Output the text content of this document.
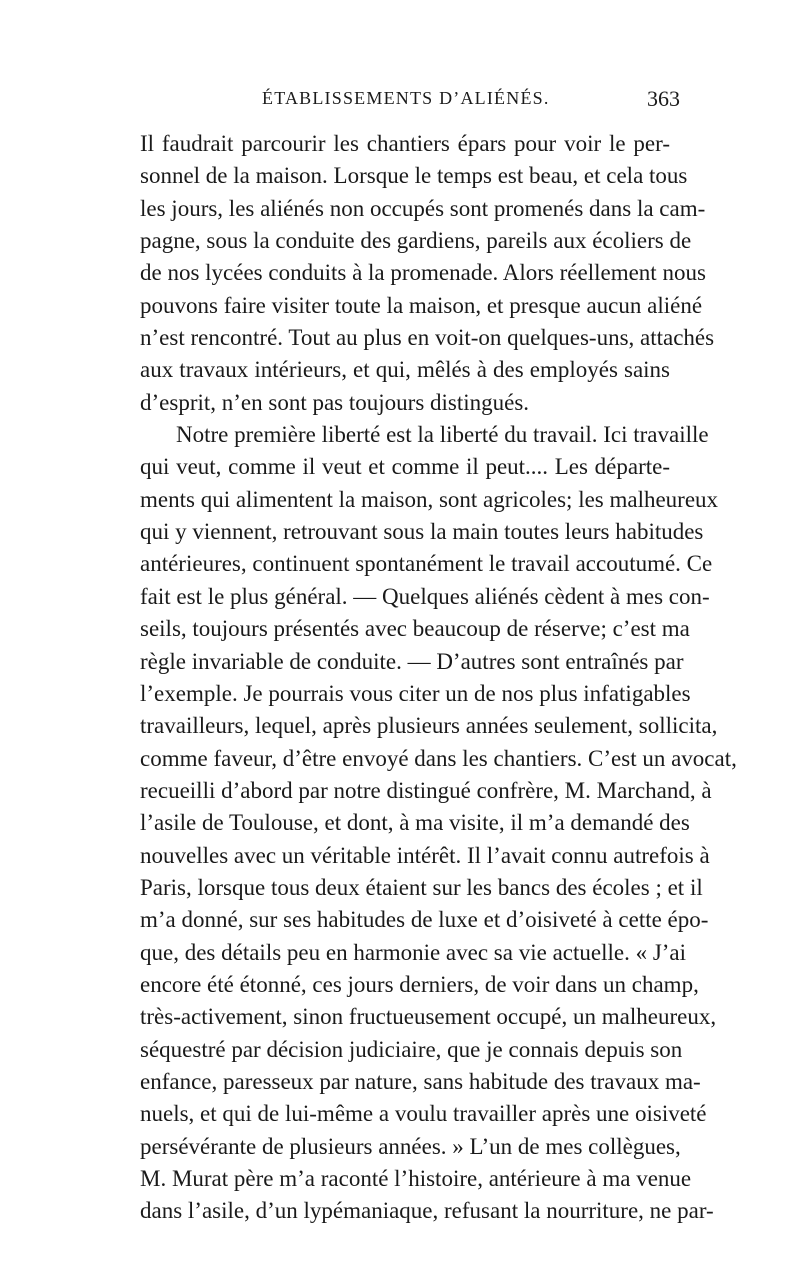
ÉTABLISSEMENTS D’ALIÉNÉS.	363
Il faudrait parcourir les chantiers épars pour voir le per-
sonnel de la maison. Lorsque le temps est beau, et cela tous
les jours, les aliénés non occupés sont promenés dans la cam-
pagne, sous la conduite des gardiens, pareils aux écoliers de
de nos lycées conduits à la promenade. Alors réellement nous
pouvons faire visiter toute la maison, et presque aucun aliéné
n’est rencontré. Tout au plus en voit-on quelques-uns, attachés
aux travaux intérieurs, et qui, mêlés à des employés sains
d’esprit, n’en sont pas toujours distingués.
Notre première liberté est la liberté du travail. Ici travaille
qui veut, comme il veut et comme il peut.... Les départe-
ments qui alimentent la maison, sont agricoles; les malheureux
qui y viennent, retrouvant sous la main toutes leurs habitudes
antérieures, continuent spontanément le travail accoutumé. Ce
fait est le plus général. — Quelques aliénés cèdent à mes con-
seils, toujours présentés avec beaucoup de réserve; c’est ma
règle invariable de conduite. — D’autres sont entraînés par
l’exemple. Je pourrais vous citer un de nos plus infatigables
travailleurs, lequel, après plusieurs années seulement, sollicita,
comme faveur, d’être envoyé dans les chantiers. C’est un avocat,
recueilli d’abord par notre distingué confrère, M. Marchand, à
l’asile de Toulouse, et dont, à ma visite, il m’a demandé des
nouvelles avec un véritable intérêt. Il l’avait connu autrefois à
Paris, lorsque tous deux étaient sur les bancs des écoles ; et il
m’a donné, sur ses habitudes de luxe et d’oisiveté à cette épo-
que, des détails peu en harmonie avec sa vie actuelle. « J’ai
encore été étonné, ces jours derniers, de voir dans un champ,
très-activement, sinon fructueusement occupé, un malheureux,
séquestré par décision judiciaire, que je connais depuis son
enfance, paresseux par nature, sans habitude des travaux ma-
nuels, et qui de lui-même a voulu travailler après une oisiveté
persévérante de plusieurs années. » L’un de mes collègues,
M. Murat père m’a raconté l’histoire, antérieure à ma venue
dans l’asile, d’un lypémaniaque, refusant la nourriture, ne par-
